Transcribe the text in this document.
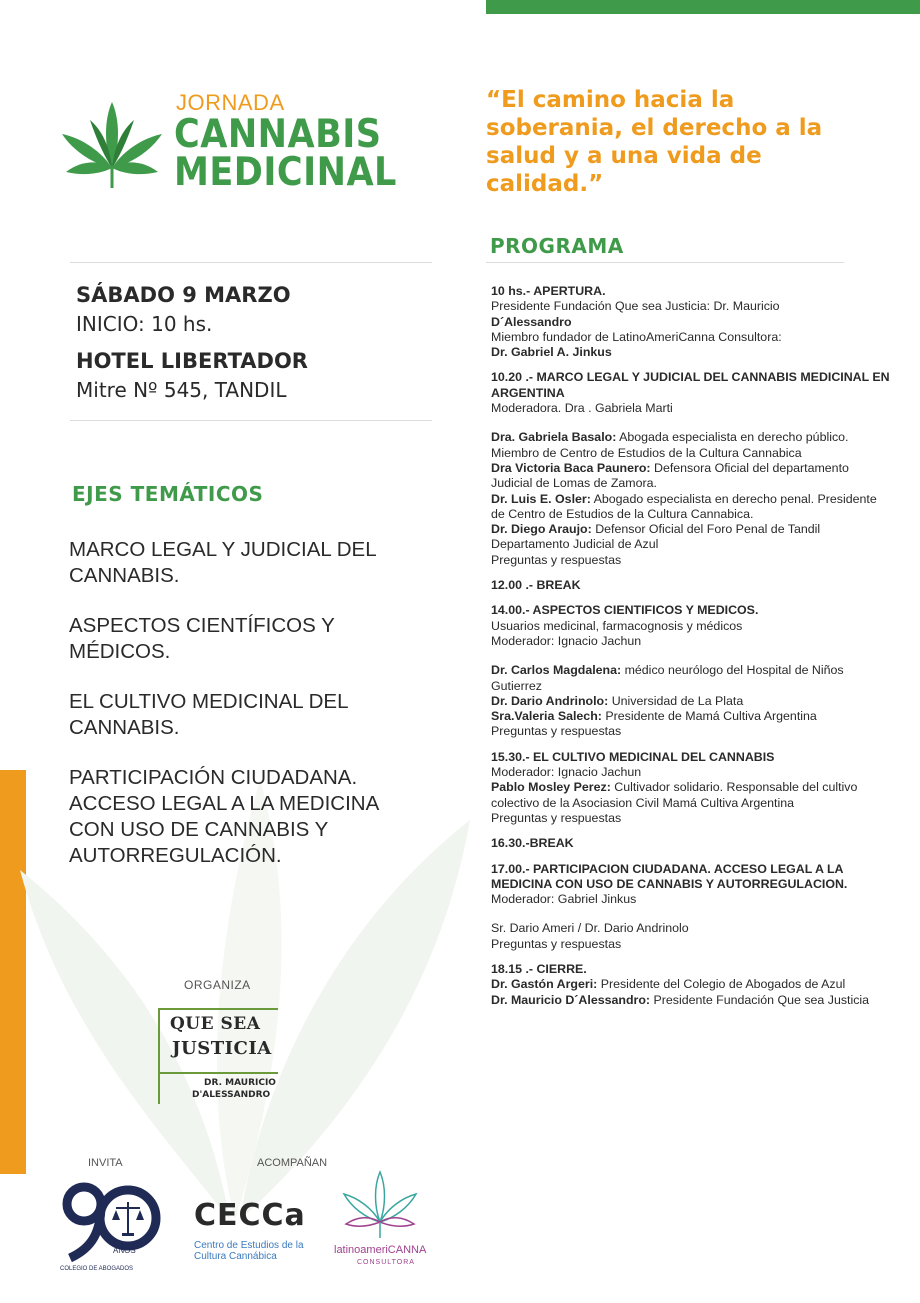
JORNADA
CANNABIS
MEDICINAL
“El camino hacia la soberania, el derecho a la salud y a una vida de calidad.”
SÁBADO 9 MARZO
INICIO: 10 hs.
HOTEL LIBERTADOR
Mitre Nº 545, TANDIL
EJES TEMÁTICOS
MARCO LEGAL Y JUDICIAL DEL CANNABIS.
ASPECTOS CIENTÍFICOS Y MÉDICOS.
EL CULTIVO MEDICINAL DEL CANNABIS.
PARTICIPACIÓN CIUDADANA. ACCESO LEGAL A LA MEDICINA CON USO DE CANNABIS Y AUTORREGULACIÓN.
ORGANIZA
QUE SEA
JUSTICIA
DR. MAURICIO
D'ALESSANDRO
INVITA	ACOMPAÑAN
ANOS
COLEGIO DE ABOGADOS
CECCa
Centro de Estudios de la Cultura Cannábica
latinoameriCANNA
CONSULTORA
PROGRAMA
10 hs.- APERTURA.
Presidente Fundación Que sea Justicia: Dr. Mauricio
D´Alessandro
Miembro fundador de LatinoAmeriCanna Consultora:
Dr. Gabriel A. Jinkus
10.20 .- MARCO LEGAL Y JUDICIAL DEL CANNABIS MEDICINAL EN ARGENTINA
Moderadora. Dra . Gabriela Marti
Dra. Gabriela Basalo: Abogada especialista en derecho público. Miembro de Centro de Estudios de la Cultura Cannabica
Dra Victoria Baca Paunero: Defensora Oficial del departamento Judicial de Lomas de Zamora.
Dr. Luis E. Osler: Abogado especialista en derecho penal. Presidente de Centro de Estudios de la Cultura Cannabica.
Dr. Diego Araujo: Defensor Oficial del Foro Penal de Tandil Departamento Judicial de Azul
Preguntas y respuestas
12.00 .- BREAK
14.00.- ASPECTOS CIENTIFICOS Y MEDICOS.
Usuarios medicinal, farmacognosis y médicos
Moderador: Ignacio Jachun
Dr. Carlos Magdalena: médico neurólogo del Hospital de Niños Gutierrez
Dr. Dario Andrinolo: Universidad de La Plata
Sra.Valeria Salech: Presidente de Mamá Cultiva Argentina
Preguntas y respuestas
15.30.- EL CULTIVO MEDICINAL DEL CANNABIS
Moderador: Ignacio Jachun
Pablo Mosley Perez: Cultivador solidario. Responsable del cultivo colectivo de la Asociasion Civil Mamá Cultiva Argentina
Preguntas y respuestas
16.30.-BREAK
17.00.- PARTICIPACION CIUDADANA. ACCESO LEGAL A LA MEDICINA CON USO DE CANNABIS Y AUTORREGULACION.
Moderador: Gabriel Jinkus
Sr. Dario Ameri / Dr. Dario Andrinolo
Preguntas y respuestas
18.15 .- CIERRE.
Dr. Gastón Argeri: Presidente del Colegio de Abogados de Azul
Dr. Mauricio D´Alessandro: Presidente Fundación Que sea Justicia
